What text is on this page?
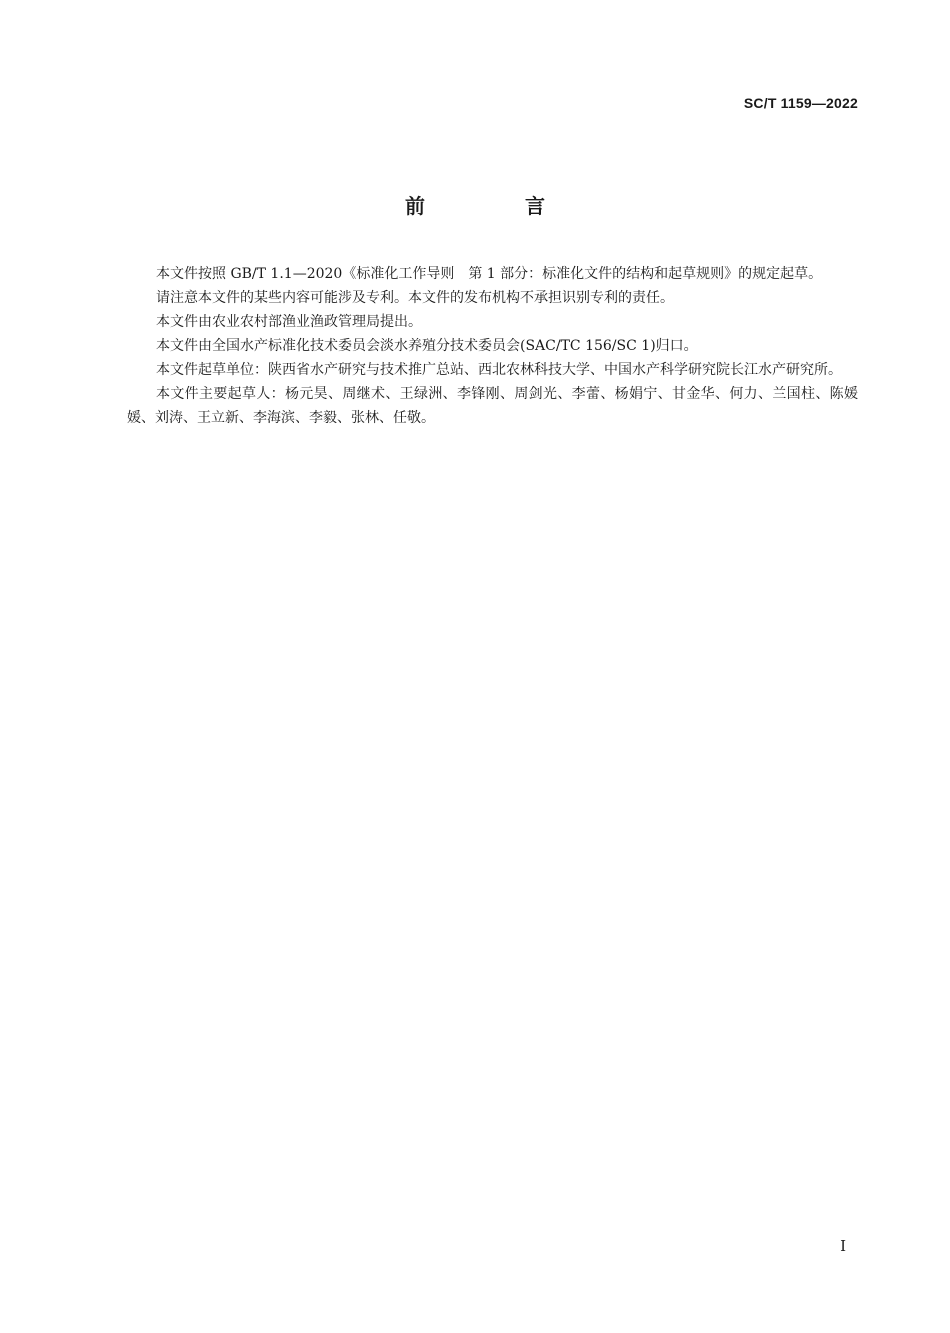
SC/T 1159—2022
前　言

本文件按照 GB/T 1.1—2020《标准化工作导则　第 1 部分：标准化文件的结构和起草规则》的规定起草。

请注意本文件的某些内容可能涉及专利。本文件的发布机构不承担识别专利的责任。

本文件由农业农村部渔业渔政管理局提出。

本文件由全国水产标准化技术委员会淡水养殖分技术委员会(SAC/TC 156/SC 1)归口。

本文件起草单位：陕西省水产研究与技术推广总站、西北农林科技大学、中国水产科学研究院长江水产研究所。

本文件主要起草人：杨元昊、周继术、王绿洲、李锋刚、周剑光、李蕾、杨娟宁、甘金华、何力、兰国柱、陈媛媛、刘涛、王立新、李海滨、李毅、张林、任敬。

I
